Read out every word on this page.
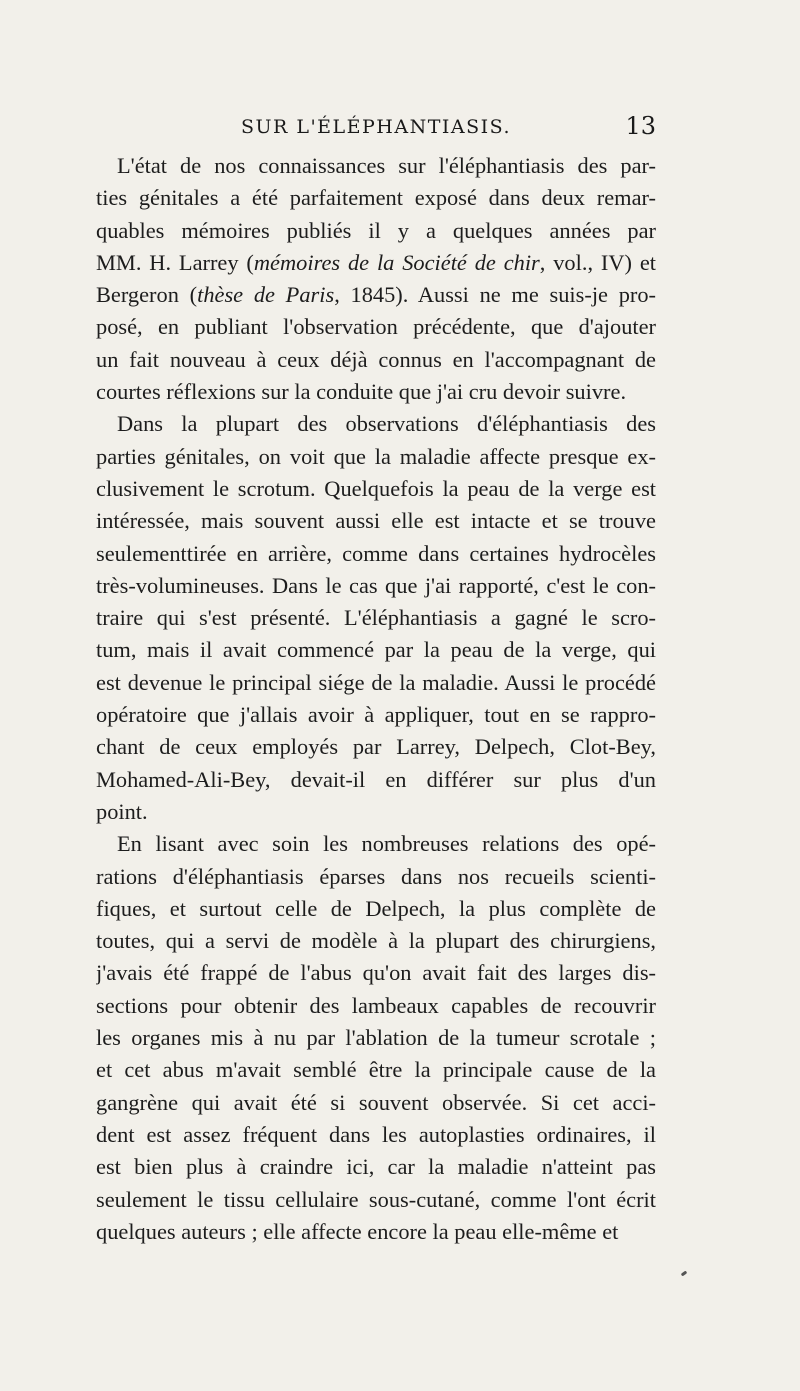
SUR L'ÉLÉPHANTIASIS.	13
L'état de nos connaissances sur l'éléphantiasis des par-
ties génitales a été parfaitement exposé dans deux remar-
quables mémoires publiés il y a quelques années par
MM. H. Larrey (mémoires de la Société de chir, vol., IV) et
Bergeron (thèse de Paris, 1845). Aussi ne me suis-je pro-
posé, en publiant l'observation précédente, que d'ajouter
un fait nouveau à ceux déjà connus en l'accompagnant de
courtes réflexions sur la conduite que j'ai cru devoir suivre.
Dans la plupart des observations d'éléphantiasis des
parties génitales, on voit que la maladie affecte presque ex-
clusivement le scrotum. Quelquefois la peau de la verge est
intéressée, mais souvent aussi elle est intacte et se trouve
seulementtirée en arrière, comme dans certaines hydrocèles
très-volumineuses. Dans le cas que j'ai rapporté, c'est le con-
traire qui s'est présenté. L'éléphantiasis a gagné le scro-
tum, mais il avait commencé par la peau de la verge, qui
est devenue le principal siége de la maladie. Aussi le procédé
opératoire que j'allais avoir à appliquer, tout en se rappro-
chant de ceux employés par Larrey, Delpech, Clot-Bey,
Mohamed-Ali-Bey, devait-il en différer sur plus d'un
point.
En lisant avec soin les nombreuses relations des opé-
rations d'éléphantiasis éparses dans nos recueils scienti-
fiques, et surtout celle de Delpech, la plus complète de
toutes, qui a servi de modèle à la plupart des chirurgiens,
j'avais été frappé de l'abus qu'on avait fait des larges dis-
sections pour obtenir des lambeaux capables de recouvrir
les organes mis à nu par l'ablation de la tumeur scrotale ;
et cet abus m'avait semblé être la principale cause de la
gangrène qui avait été si souvent observée. Si cet acci-
dent est assez fréquent dans les autoplasties ordinaires, il
est bien plus à craindre ici, car la maladie n'atteint pas
seulement le tissu cellulaire sous-cutané, comme l'ont écrit
quelques auteurs ; elle affecte encore la peau elle-même et
